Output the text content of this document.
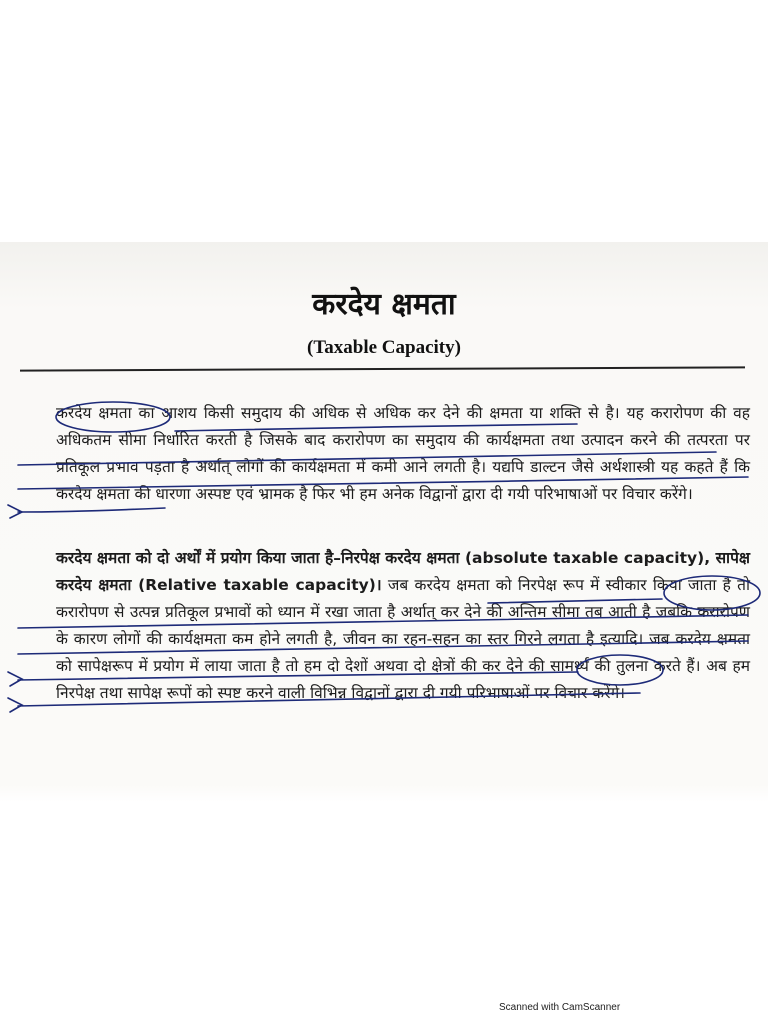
करदेय क्षमता
(Taxable Capacity)

करदेय क्षमता का आशय किसी समुदाय की अधिक से अधिक कर देने की क्षमता या शक्ति से है। यह करारोपण की वह अधिकतम सीमा निर्धारित करती है जिसके बाद करारोपण का समुदाय की कार्यक्षमता तथा उत्पादन करने की तत्परता पर प्रतिकूल प्रभाव पड़ता है अर्थात् लोगों की कार्यक्षमता में कमी आने लगती है। यद्यपि डाल्टन जैसे अर्थशास्त्री यह कहते हैं कि करदेय क्षमता की धारणा अस्पष्ट एवं भ्रामक है फिर भी हम अनेक विद्वानों द्वारा दी गयी परिभाषाओं पर विचार करेंगे।

करदेय क्षमता को दो अर्थों में प्रयोग किया जाता है–निरपेक्ष करदेय क्षमता (absolute taxable capacity), सापेक्ष करदेय क्षमता (Relative taxable capacity)। जब करदेय क्षमता को निरपेक्ष रूप में स्वीकार किया जाता है तो करारोपण से उत्पन्न प्रतिकूल प्रभावों को ध्यान में रखा जाता है अर्थात् कर देने की अन्तिम सीमा तब आती है जबकि करारोपण के कारण लोगों की कार्यक्षमता कम होने लगती है, जीवन का रहन-सहन का स्तर गिरने लगता है इत्यादि। जब करदेय क्षमता को सापेक्षरूप में प्रयोग में लाया जाता है तो हम दो देशों अथवा दो क्षेत्रों की कर देने की सामर्थ्य की तुलना करते हैं। अब हम निरपेक्ष तथा सापेक्ष रूपों को स्पष्ट करने वाली विभिन्न विद्वानों द्वारा दी गयी परिभाषाओं पर विचार करेंगे।

Scanned with CamScanner
